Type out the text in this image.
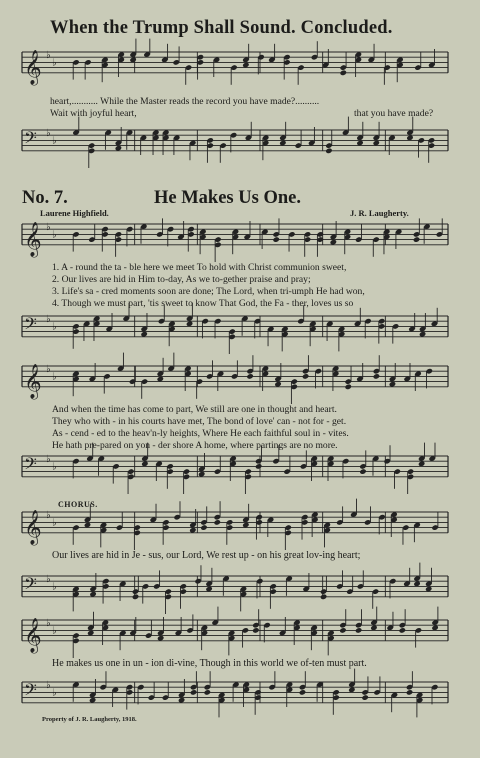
𝄞 ♭
♭
𝄢 ♭
♭
𝄞 ♭
♭
𝄢 ♭
♭
𝄞 ♭
♭
𝄢 ♭
♭
𝄞 ♭
♭
𝄢 ♭
♭
𝄞 ♭
♭
𝄢 ♭
♭
When the Trump Shall Sound. Concluded.
heart,........... While the Master reads the record you have made?..........
Wait with joyful heart,	that you have made?
No. 7.	He Makes Us One.
Laurene Highfield.	J. R. Laugherty.
1. A - round the ta - ble here we meet To hold with Christ communion sweet,
2. Our lives are hid in Him to-day, As we to-gether praise and pray;
3. Life's sa - cred moments soon are done; The Lord, when tri-umph He had won,
4. Though we must part, 'tis sweet to know That God, the Fa - ther, loves us so
And when the time has come to part, We still are one in thought and heart.
They who with - in his courts have met, The bond of love' can - not for - get.
As - cend - ed to the heav'n-ly heights, Where He each faithful soul in - vites.
He hath pre-pared on yon - der shore A home, where partings are no more.
CHORUS.
Our lives are hid in Je - sus, our Lord, We rest up - on his great lov-ing heart;
He makes us one in un - ion di-vine, Though in this world we of-ten must part.
Property of J. R. Laugherty, 1918.
